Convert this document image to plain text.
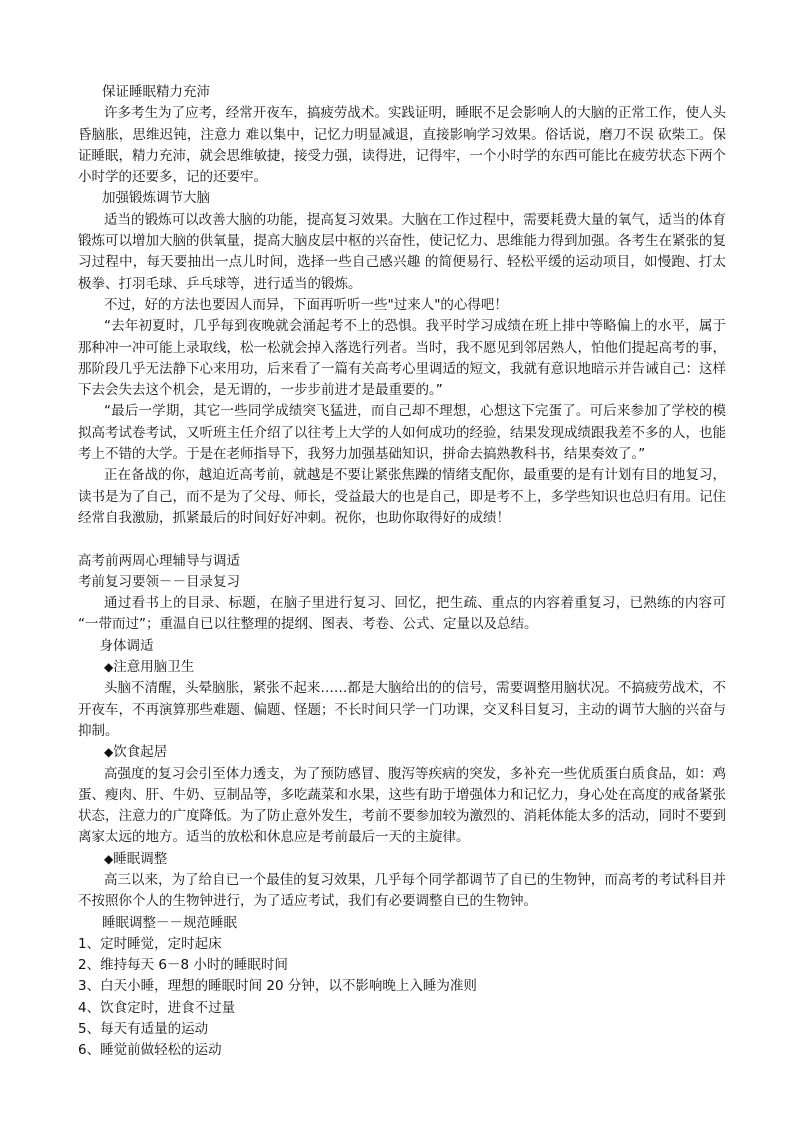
保证睡眠精力充沛
许多考生为了应考，经常开夜车，搞疲劳战术。实践证明，睡眠不足会影响人的大脑的正常工作，使人头昏脑胀，思维迟钝，注意力 难以集中，记忆力明显减退，直接影响学习效果。俗话说，磨刀不误 砍柴工。保证睡眠，精力充沛，就会思维敏捷，接受力强，读得进，记得牢，一个小时学的东西可能比在疲劳状态下两个小时学的还要多，记的还要牢。
加强锻炼调节大脑
适当的锻炼可以改善大脑的功能，提高复习效果。大脑在工作过程中，需要耗费大量的氧气，适当的体育锻炼可以增加大脑的供氧量，提高大脑皮层中枢的兴奋性，使记忆力、思维能力得到加强。各考生在紧张的复习过程中，每天要抽出一点儿时间，选择一些自己感兴趣 的简便易行、轻松平缓的运动项目，如慢跑、打太极拳、打羽毛球、乒乓球等，进行适当的锻炼。
不过，好的方法也要因人而异，下面再听听一些"过来人"的心得吧！
“去年初夏时，几乎每到夜晚就会涌起考不上的恐惧。我平时学习成绩在班上排中等略偏上的水平，属于那种冲一冲可能上录取线，松一松就会掉入落选行列者。当时，我不愿见到邻居熟人，怕他们提起高考的事，那阶段几乎无法静下心来用功，后来看了一篇有关高考心里调适的短文，我就有意识地暗示并告诫自己：这样下去会失去这个机会，是无谓的，一步步前进才是最重要的。”
“最后一学期，其它一些同学成绩突飞猛进，而自己却不理想，心想这下完蛋了。可后来参加了学校的模拟高考试卷考试，又听班主任介绍了以往考上大学的人如何成功的经验，结果发现成绩跟我差不多的人，也能考上不错的大学。于是在老师指导下，我努力加强基础知识，拼命去搞熟教科书，结果奏效了。”
正在备战的你，越迫近高考前，就越是不要让紧张焦躁的情绪支配你，最重要的是有计划有目的地复习，读书是为了自己，而不是为了父母、师长，受益最大的也是自己，即是考不上，多学些知识也总归有用。记住经常自我激励，抓紧最后的时间好好冲刺。祝你，也助你取得好的成绩！
高考前两周心理辅导与调适
考前复习要领－－目录复习
通过看书上的目录、标题，在脑子里进行复习、回忆，把生疏、重点的内容着重复习，已熟练的内容可 “一带而过”；重温自已以往整理的提纲、图表、考卷、公式、定量以及总结。
　身体调适
◆注意用脑卫生
头脑不清醒，头晕脑胀，紧张不起来……都是大脑给出的的信号，需要调整用脑状况。不搞疲劳战术，不开夜车，不再演算那些难题、偏题、怪题；不长时间只学一门功课，交叉科目复习，主动的调节大脑的兴奋与抑制。
◆饮食起居
高强度的复习会引至体力透支，为了预防感冒、腹泻等疾病的突发，多补充一些优质蛋白质食品，如：鸡蛋、瘦肉、肝、牛奶、豆制品等，多吃蔬菜和水果，这些有助于增强体力和记忆力，身心处在高度的戒备紧张状态，注意力的广度降低。为了防止意外发生，考前不要参加较为激烈的、消耗体能太多的活动，同时不要到离家太远的地方。适当的放松和休息应是考前最后一天的主旋律。
◆睡眠调整
高三以来，为了给自已一个最佳的复习效果，几乎每个同学都调节了自已的生物钟，而高考的考试科目并不按照你个人的生物钟进行，为了适应考试，我们有必要调整自已的生物钟。
睡眠调整－－规范睡眠
1、定时睡觉，定时起床
2、维持每天 6－8 小时的睡眠时间
3、白天小睡，理想的睡眠时间 20 分钟，以不影响晚上入睡为准则
4、饮食定时，进食不过量
5、每天有适量的运动
6、睡觉前做轻松的运动
